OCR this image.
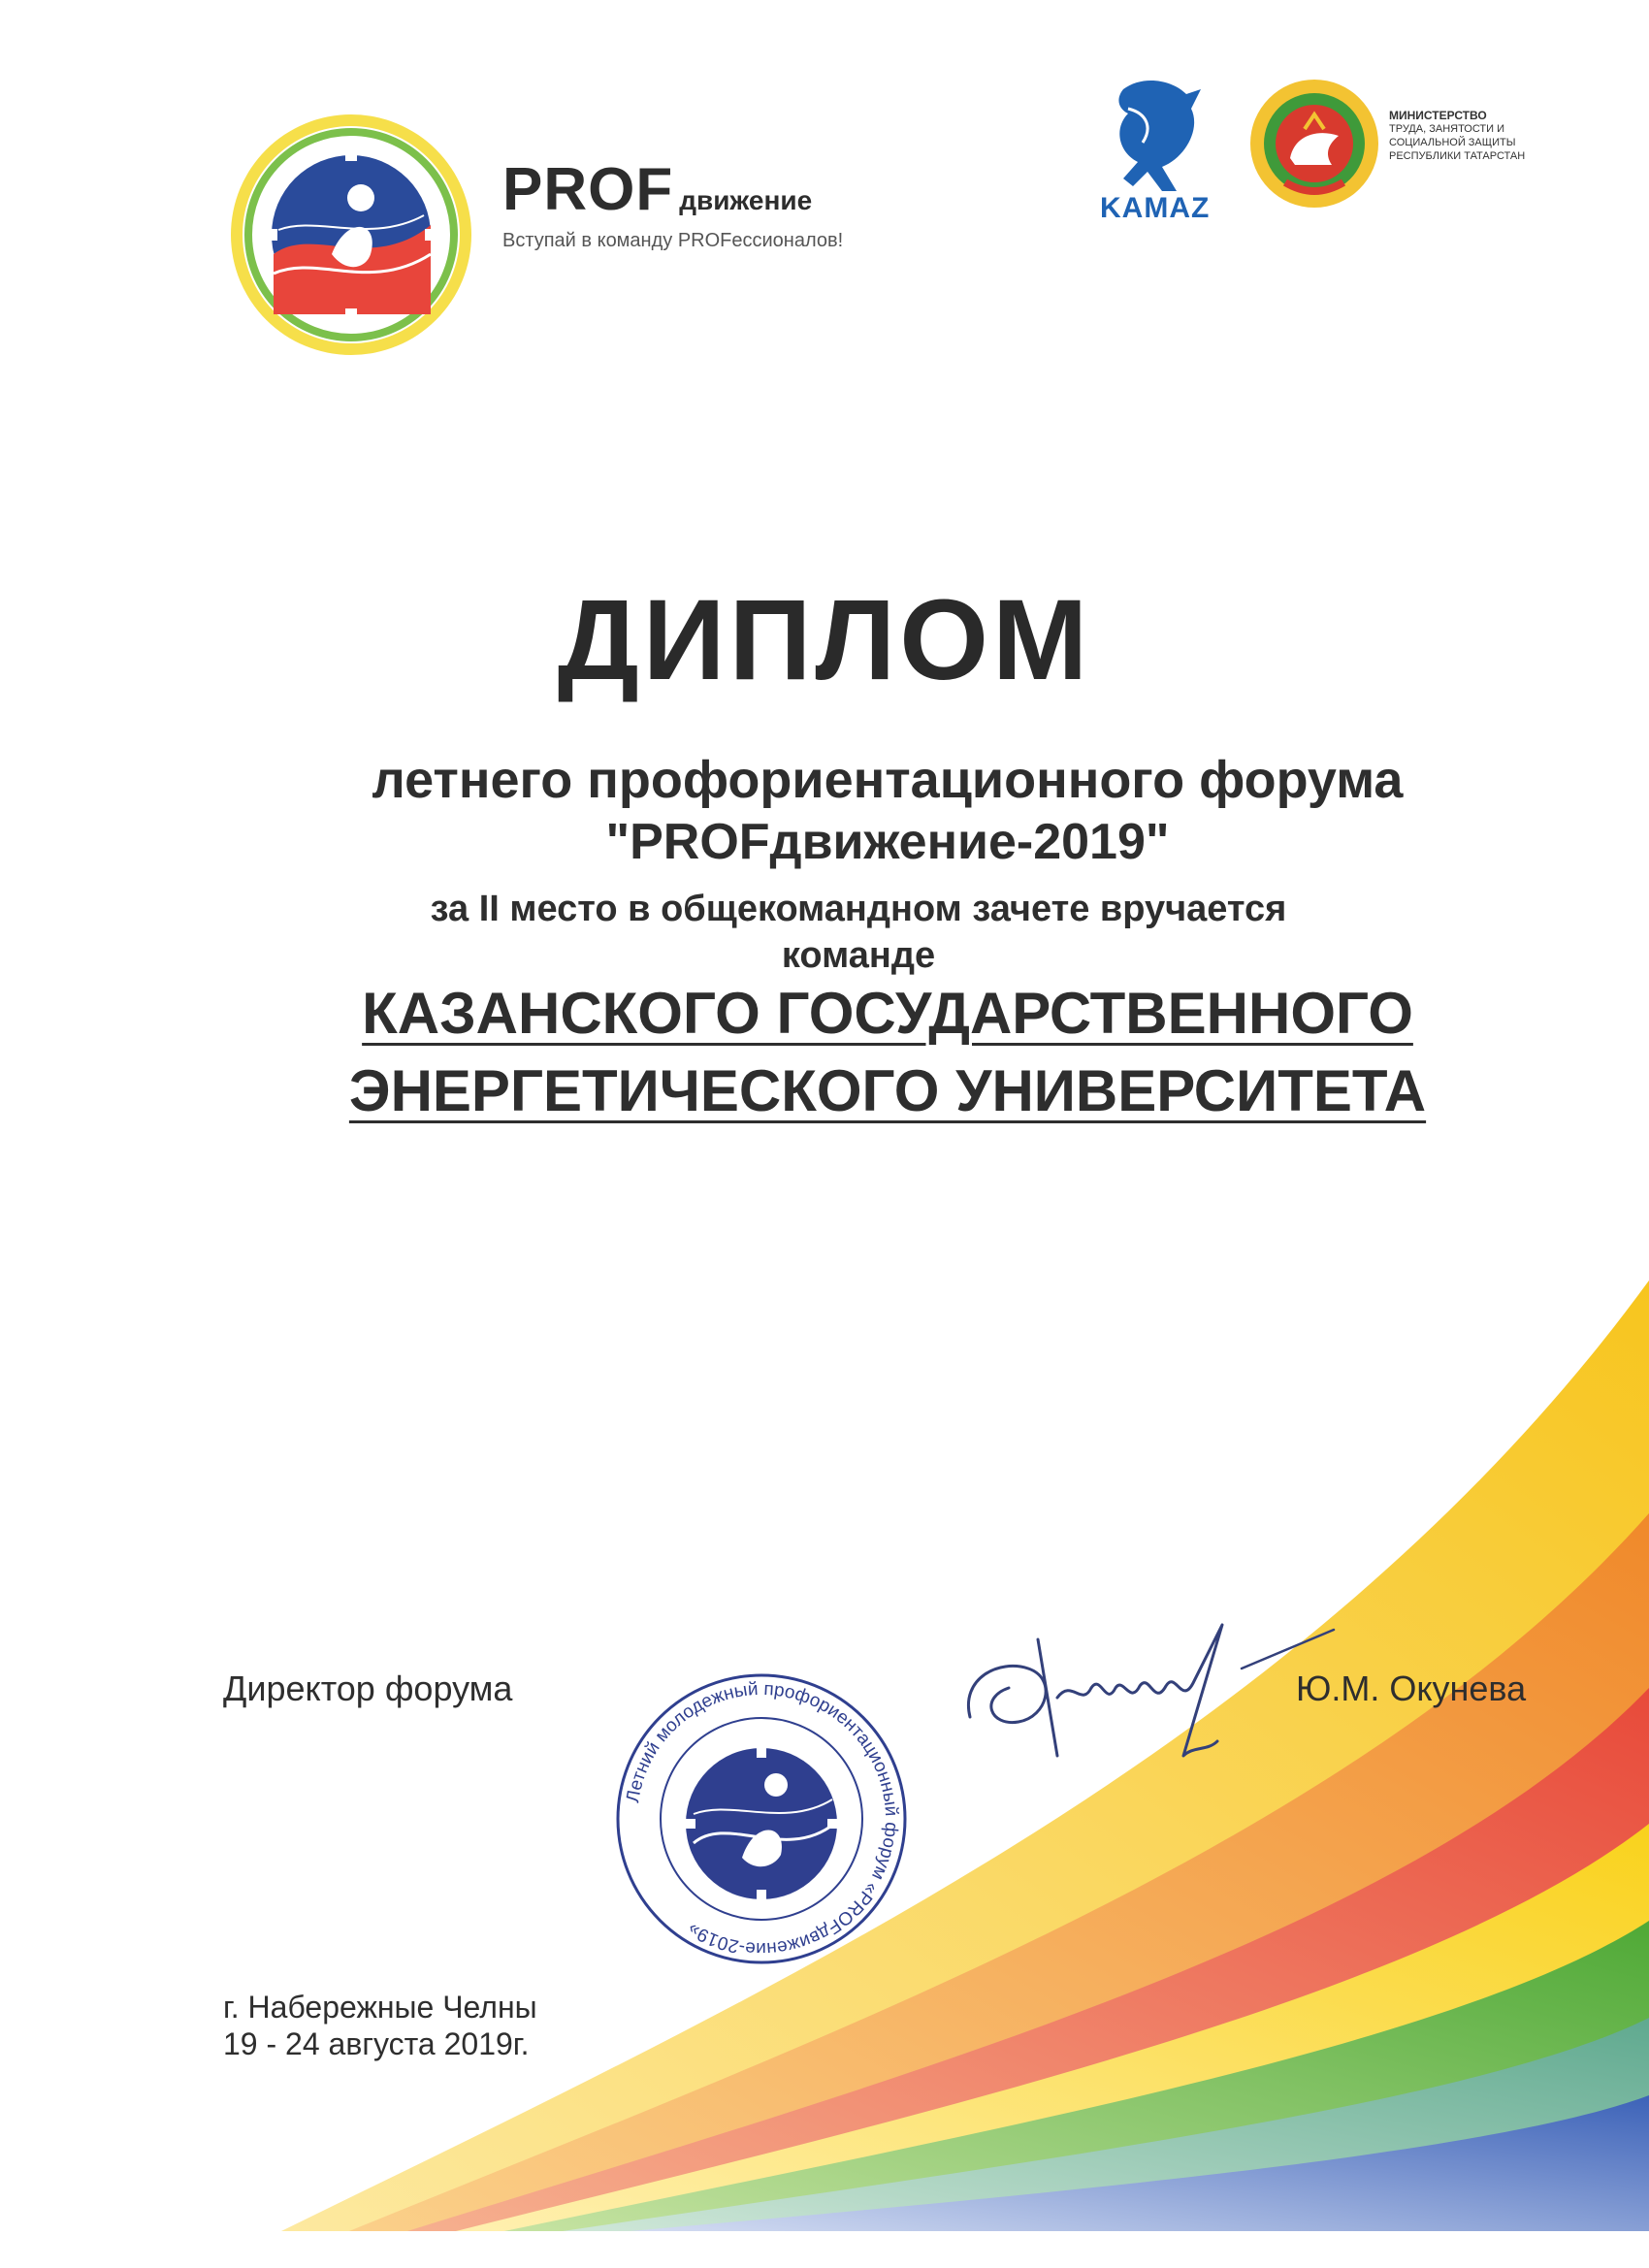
PROF движение
Вступай в команду PROFессионалов!
KAMAZ
МИНИСТЕРСТВО
ТРУДА, ЗАНЯТОСТИ И
СОЦИАЛЬНОЙ ЗАЩИТЫ
РЕСПУБЛИКИ ТАТАРСТАН
ДИПЛОМ
летнего профориентационного форума
"PROFдвижение-2019"
за II место в общекомандном зачете вручается
команде
КАЗАНСКОГО ГОСУДАРСТВЕННОГО
ЭНЕРГЕТИЧЕСКОГО УНИВЕРСИТЕТА
Директор форума
Летний молодежный профориентационный форум «PROFдвижение-2019»
Ю.М. Окунева
г. Набережные Челны
19 - 24 августа 2019г.
